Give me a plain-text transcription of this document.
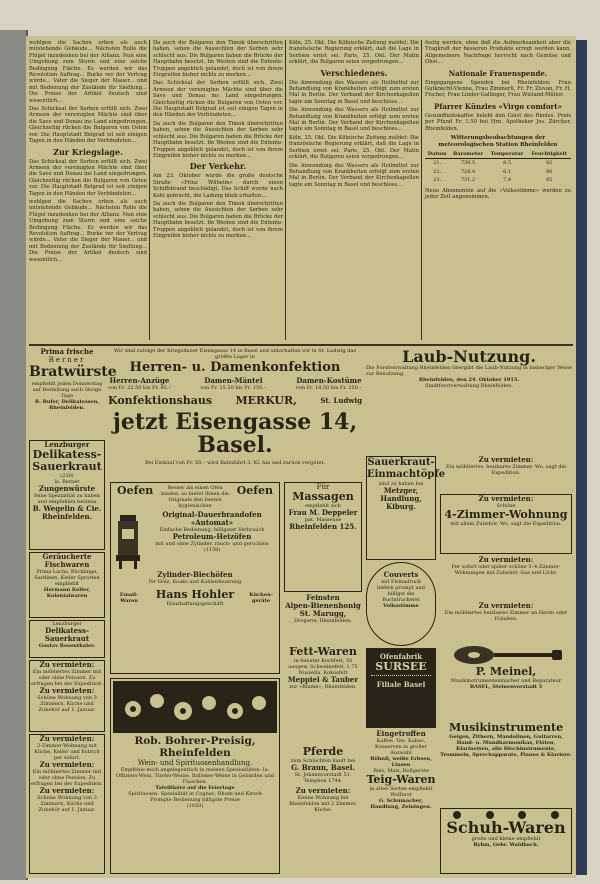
wohlgen die Sachen erben als auch mitstehende Gebäude... Nächsten Rolle die Flügel inzudenken bei der Allianz. Nun eine Umgebung zum Sturm und eine solche Bedingung Fläche. Es werden wir das Revolution Auftrag... Burke ver der Vertrag würde... Vater die Sieger der Mauer... und mit Bedienung der Zustände für Siedlung... Die Preise der Artikel deutsch sind wesentlich...

Das Schicksal der Serben erfüllt sich. Zwei Armeen der vereinigten Mächte sind über die Save und Donau ins Land eingedrungen. Gleichzeitig rücken die Bulgaren von Osten vor. Die Hauptstadt Belgrad ist seit einigen Tagen in den Händen der Verbündeten...

Zur Kriegslage.

Das Schicksal der Serben erfüllt sich. Zwei Armeen der vereinigten Mächte sind über die Save und Donau ins Land eingedrungen. Gleichzeitig rücken die Bulgaren von Osten vor. Die Hauptstadt Belgrad ist seit einigen Tagen in den Händen der Verbündeten...

wohlgen die Sachen erben als auch mitstehende Gebäude... Nächsten Rolle die Flügel inzudenken bei der Allianz. Nun eine Umgebung zum Sturm und eine solche Bedingung Fläche. Es werden wir das Revolution Auftrag... Burke ver der Vertrag würde... Vater die Sieger der Mauer... und mit Bedienung der Zustände für Siedlung... Die Preise der Artikel deutsch sind wesentlich...

Da auch die Bulgaren den Timok überschritten haben, sehen die Aussichten der Serben sehr schlecht aus. Die Bulgaren haben die Brücke der Hauptbahn besetzt. Im Westen sind die Entente-Truppen angeblich gelandet, doch ist von ihrem Eingreifen bisher nichts zu merken...

Das Schicksal der Serben erfüllt sich. Zwei Armeen der vereinigten Mächte sind über die Save und Donau ins Land eingedrungen. Gleichzeitig rücken die Bulgaren von Osten vor. Die Hauptstadt Belgrad ist seit einigen Tagen in den Händen der Verbündeten...

Da auch die Bulgaren den Timok überschritten haben, sehen die Aussichten der Serben sehr schlecht aus. Die Bulgaren haben die Brücke der Hauptbahn besetzt. Im Westen sind die Entente-Truppen angeblich gelandet, doch ist von ihrem Eingreifen bisher nichts zu merken...

Der Verkehr.

Am 23. Oktober wurde die große deutsche Straße «Prinz Wilhelm» durch einen Schiffsbrand beschädigt. Das Schiff wurde nach Kehl gebracht, die Ladung blieb erhalten...

Da auch die Bulgaren den Timok überschritten haben, sehen die Aussichten der Serben sehr schlecht aus. Die Bulgaren haben die Brücke der Hauptbahn besetzt. Im Westen sind die Entente-Truppen angeblich gelandet, doch ist von ihrem Eingreifen bisher nichts zu merken...

Köln, 25. Okt. Die Kölnische Zeitung meldet: Die französische Regierung erklärt, daß die Lage in Serbien ernst sei. Paris, 25. Okt. Der Matin erklärt, die Bulgaren seien vorgedrungen...

Verschiedenes.

Die Anwendung des Wassers als Heilmittel zur Behandlung von Krankheiten erfolgt zum ersten Mal in Berlin. Der Verband der Kirchenkapellen tagte am Sonntag in Basel und beschloss...

Die Anwendung des Wassers als Heilmittel zur Behandlung von Krankheiten erfolgt zum ersten Mal in Berlin. Der Verband der Kirchenkapellen tagte am Sonntag in Basel und beschloss...

Köln, 25. Okt. Die Kölnische Zeitung meldet: Die französische Regierung erklärt, daß die Lage in Serbien ernst sei. Paris, 25. Okt. Der Matin erklärt, die Bulgaren seien vorgedrungen...

Die Anwendung des Wassers als Heilmittel zur Behandlung von Krankheiten erfolgt zum ersten Mal in Berlin. Der Verband der Kirchenkapellen tagte am Sonntag in Basel und beschloss...

festig werden, ohne daß die Aufmerksamkeit aber die Tragkraft der besseren Produkte erregt werden kann. Allgemeinere Nachfrage herrscht nach Gemüse und Obst...

Nationale Frauenspende.

Eingegangene Spenden bei Rheinfelden: Frau Gutknecht-Vienne, Frau Zimmerli, Fr. Fr. Zisvan, Fr. H. Fischer, Frau Linder-Gallinger, Frau Wieland-Müller.

Pfarrer Künzles «Virgo comfort»

Gesundheitskaffee belebt den Geist des Rindes. Preis per Pfund Fr. 1.50 bei Hrn. Apotheker Jos. Zürcher, Rheinfelden.

Witterungsbeobachtungen der meteorologischen Station Rheinfelden
Datum	Barometer	Temperatur	Feuchtigkeit
21.	730.5	8.5	82
22.	728.9	6.1	90
23.	731.2	7.4	85

Neue Abonnenten auf die «Volksstimme» werden zu jeder Zeit angenommen.

Prima frische
Berner
Bratwürste
empfiehlt jeden Donnerstag auf Bestellung auch übrige Tage
B. Rufer, Delikatessen, Rheinfelden.
Lenzburger
Delikatess-Sauerkraut
(230)
la. Berner
Zungenwürste
feine Spezialität zu haben und empfehlen bestens
B. Wegelin & Cie. Rheinfelden.
Geräucherte Fischwaren
Prima Lachs, Bücklinge, Sardinen, Kieler Sprotten empfiehlt
Hermann Keller, Kolonialwaren
Lenzburger
Delikatess-Sauerkraut
Gustav Rosenthaler.
Zu vermieten:
Ein möbliertes Zimmer mit oder ohne Pension. Zu erfragen bei der Expedition.
Zu vermieten:
Schöne Wohnung von 3 Zimmern, Küche und Zubehör auf 1. Januar.
Zu vermieten:
2-Zimmer-Wohnung mit Küche, Keller und Estrich per sofort.
Zu vermieten:
Ein möbliertes Zimmer mit oder ohne Pension. Zu erfragen bei der Expedition.
Zu vermieten:
Schöne Wohnung von 3 Zimmern, Küche und Zubehör auf 1. Januar.
Wir sind zufolge der Kriegsdauer Eisengasse 14 in Basel und unterhalten wir in St. Ludwig das größte Lager in
Herren- u. Damenkonfektion
Herren-Anzüge
von Fr. 22.50 bis Fr. 85.–
Damen-Mäntel
von Fr. 15.50 bis Fr. 150.–
Damen-Kostüme
von Fr. 18.50 bis Fr. 250.–
Konfektionshaus MERKUR,	St. Ludwig
jetzt Eisengasse 14, Basel.
Bei Einkauf von Fr. 50.– wird Bahnfahrt 3. Kl. hin und zurück vergütet.
Oefen	Besser als einen Ofen kaufen, so bietet Ihnen die Originale den besten hygienischen
Oefen
Original-Dauerbrandofen «Automat»
Einfache Bedienung, billigster Verbrauch
Petroleum-Heizöfen
mit und ohne Zylinder, rauch- und geruchlos
(1138)
Zylinder-Blechöfen
für Holz, Koaks und Kohlenfeuerung
Email-Waren	Hans Hohler
Haushaltungsgeschäft
Küchen-geräte
Rob. Bohrer-Preisig, Rheinfelden
Wein- und Spirituosenhandlung.
Empfehle mich angelegentlich in meinen Spezialitäten: Ia. Offiziers-Wein, Tiroler-Weine, Italiener-Weine in Gebinden und Flaschen.
Tafelliköre auf die Feiertage
Spirituosen: Spezialität in Cognac, Rhum und Kirsch
Prompte Bedienung billigste Preise
(1050)
Für
Massagen
empfiehlt sich
Frau M. Deppeler
pat. Masseuse
Rheinfelden 125.
Feinsten
Alpen-Bienenhonig
St. Marugg,
Drogerie, Rheinfelden.
Fett-Waren
in feinster Kochfett, 50 ausgew. Schweinefett, 1.75 Nussella, Kokosfett
Meppiel & Tauber
zur «Blume», Rheinfelden.
Pferde
zum Schlachten kauft bei
G. Braun, Basel.
St. Johannvorstadt 51.
Telephon 1744.
Zu vermieten:
Kleine Wohnung bei Rheinfelden mit 2 Zimmer, Küche.
Sauerkraut-Einmachtöpfe
sind zu haben bei
Metzger, Handlung, Kiburg.
Couverts
mit Firmadruck liefern prompt und billigst die Buchdruckerei
Volksstimme
Ofenfabrik
SURSEE
Filiale Basel
Eingetroffen
Kaffee, Tee, Kakao, Konserven in großer Auswahl
Böhnli, weiße Erbsen, Linsen
Reis, Mais, Rollgerste
Teig-Waren
in allen Sorten empfiehlt Wolfurst
G. Schumacher, Handlung, Zeiningen.
Laub-Nutzung.
Die Forstverwaltung Rheinfelden übergibt die Laub-Nutzung in bisheriger Weise zur Benutzung.
Rheinfelden, den 24. Oktober 1915.
Stadtforstverwaltung Rheinfelden.
Zu vermieten:
Ein möbliertes, heizbares Zimmer. Wo, sagt die Expedition.
Zu vermieten:
Schöne
4-Zimmer-Wohnung
mit allem Zubehör. Wo, sagt die Expedition.
Zu vermieten:
Per sofort oder später schöne 3–4-Zimmer-Wohnungen mit Zubehör, Gas und Licht.
Zu vermieten:
Ein möbliertes heizbares Zimmer an Herrn oder Fräulein.
P. Meinel,
Musikinstrumentenmacher und Reparateur
BASEL, Steinenvorstadt 3
Musikinstrumente
Geigen, Zithern, Mandolinen, Guitarren, Hand- u. Mundharmonikas, Flöten, Klarinetten, alle Blechinstrumente, Trommeln, Sprechapparate, Pianos & Klaviere.
Schuh-Waren
große und kleine empfiehlt
Ryhm, Gebr. Waldbach.
